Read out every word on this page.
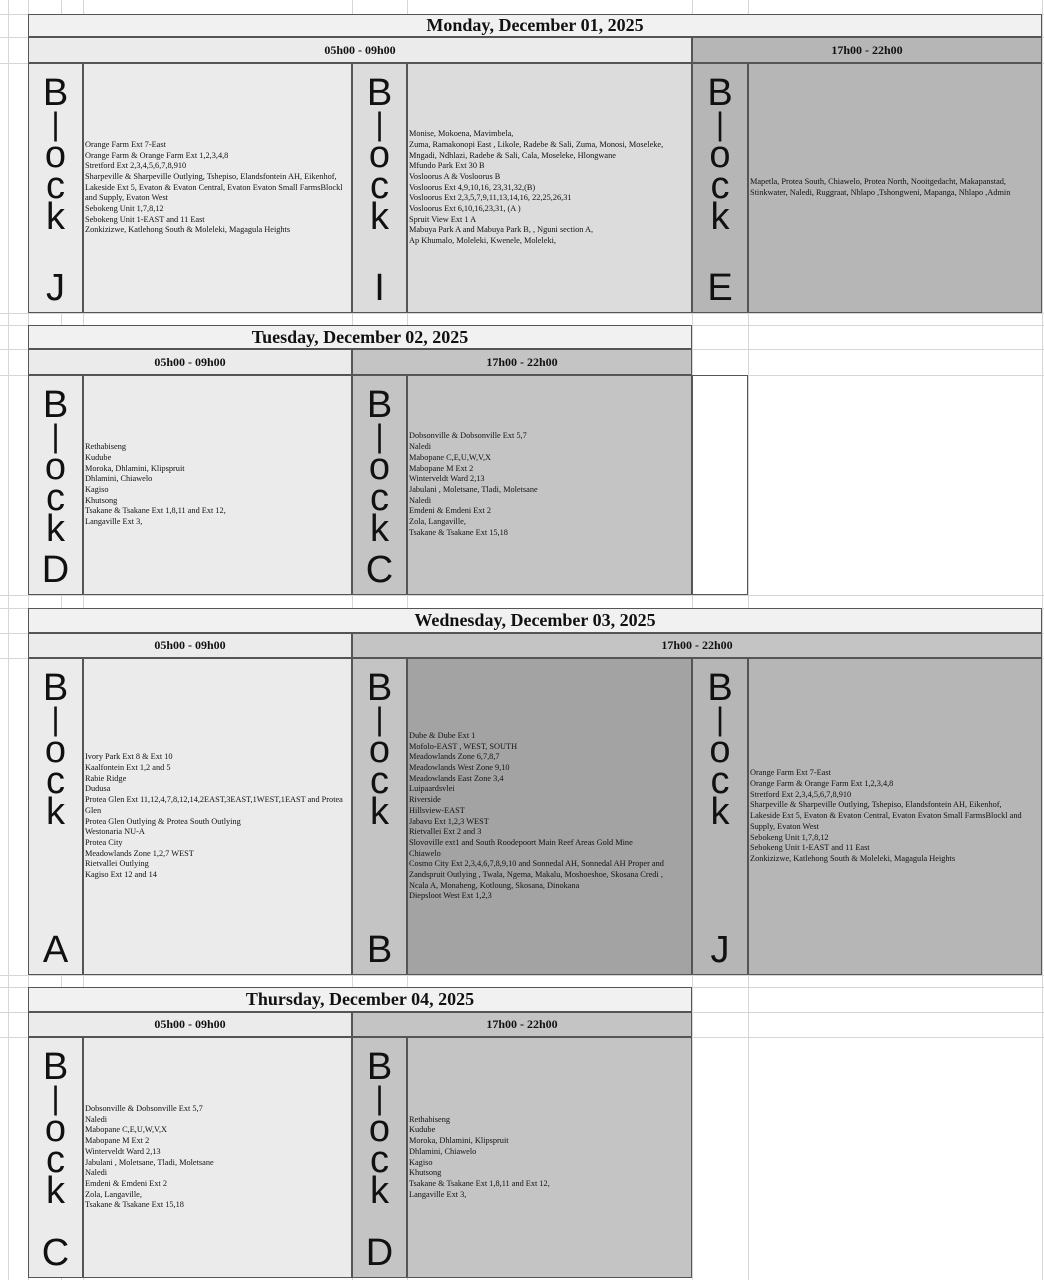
Monday, December 01, 2025
05h00 - 09h00
B
|
o
c
k
J
Orange Farm Ext 7-East
Orange Farm & Orange Farm Ext 1,2,3,4,8
Stretford Ext 2,3,4,5,6,7,8,910
Sharpeville & Sharpeville Outlying, Tshepiso, Elandsfontein AH, Eikenhof,
Lakeside Ext 5, Evaton & Evaton Central, Evaton Evaton Small FarmsBlockl
and Supply, Evaton West
Sebokeng Unit 1,7,8,12
Sebokeng Unit 1-EAST and 11 East
Zonkizizwe, Katlehong South & Moleleki, Magagula Heights
B
|
o
c
k
I
Monise, Mokoena, Mavimbela,
Zuma, Ramakonopi East , Likole, Radebe & Sali, Zuma, Monosi, Moseleke,
Mngadi, Ndhlazi, Radebe & Sali, Cala, Moseleke, Hlongwane
Mfundo Park Ext 30 B
Vosloorus A & Vosloorus B
Vosloorus Ext 4,9,10,16, 23,31,32,(B)
Vosloorus Ext 2,3,5,7,9,11,13,14,16, 22,25,26,31
Vosloorus Ext 6,10,16,23,31, (A )
Spruit View Ext 1 A
Mabuya Park A and Mabuya Park B, , Nguni section A,
Ap Khumalo, Moleleki, Kwenele, Moleleki,
17h00 - 22h00
B
|
o
c
k
E
Mapetla, Protea South, Chiawelo, Protea North, Nooitgedacht, Makapanstad,
Stinkwater, Naledi, Ruggraat, Nhlapo ,Tshongweni, Mapanga, Nhlapo ,Admin
Tuesday, December 02, 2025
05h00 - 09h00
B
|
o
c
k
D
Rethabiseng
Kudube
Moroka, Dhlamini, Klipspruit
Dhlamini, Chiawelo
Kagiso
Khutsong
Tsakane & Tsakane Ext 1,8,11 and Ext 12,
Langaville Ext 3,
17h00 - 22h00
B
|
o
c
k
C
Dobsonville & Dobsonville Ext 5,7
Naledi
Mabopane C,E,U,W,V,X
Mabopane M Ext 2
Winterveldt Ward 2,13
Jabulani , Moletsane, Tladi, Moletsane
Naledi
Emdeni & Emdeni Ext 2
Zola, Langaville,
Tsakane & Tsakane Ext 15,18
Wednesday, December 03, 2025
05h00 - 09h00
B
|
o
c
k
A
Ivory Park Ext 8 & Ext 10
Kaalfontein Ext 1,2 and 5
Rabie Ridge
Dudusa
Protea Glen Ext 11,12,4,7,8,12,14,2EAST,3EAST,1WEST,1EAST and Protea
Glen
Protea Glen Outlying & Protea South Outlying
Westonaria NU-A
Protea City
Meadowlands Zone 1,2,7 WEST
Rietvallei Outlying
Kagiso Ext 12 and 14
17h00 - 22h00
B
|
o
c
k
B
Dube & Dube Ext 1
Mofolo-EAST , WEST, SOUTH
Meadowlands Zone 6,7,8,7
Meadowlands West Zone 9,10
Meadowlands East Zone 3,4
Luipaardsvlei
Riverside
Hillsview-EAST
Jabavu Ext 1,2,3 WEST
Rietvallei Ext 2 and 3
Slovoville ext1 and South Roodepoort Main Reef Areas Gold Mine
Chiawelo
Cosmo City Ext 2,3,4,6,7,8,9,10 and Sonnedal AH, Sonnedal AH Proper and
Zandspruit Outlying , Twala, Ngema, Makalu, Moshoeshoe, Skosana Credi ,
Ncala A, Monaheng, Kotloung, Skosana, Dinokana
Diepsloot West Ext 1,2,3
B
|
o
c
k
J
Orange Farm Ext 7-East
Orange Farm & Orange Farm Ext 1,2,3,4,8
Stretford Ext 2,3,4,5,6,7,8,910
Sharpeville & Sharpeville Outlying, Tshepiso, Elandsfontein AH, Eikenhof,
Lakeside Ext 5, Evaton & Evaton Central, Evaton Evaton Small FarmsBlockl and Supply, Evaton West
Sebokeng Unit 1,7,8,12
Sebokeng Unit 1-EAST and 11 East
Zonkizizwe, Katlehong South & Moleleki, Magagula Heights
Thursday, December 04, 2025
05h00 - 09h00
B
|
o
c
k
C
Dobsonville & Dobsonville Ext 5,7
Naledi
Mabopane C,E,U,W,V,X
Mabopane M Ext 2
Winterveldt Ward 2,13
Jabulani , Moletsane, Tladi, Moletsane
Naledi
Emdeni & Emdeni Ext 2
Zola, Langaville,
Tsakane & Tsakane Ext 15,18
17h00 - 22h00
B
|
o
c
k
D
Rethabiseng
Kudube
Moroka, Dhlamini, Klipspruit
Dhlamini, Chiawelo
Kagiso
Khutsong
Tsakane & Tsakane Ext 1,8,11 and Ext 12,
Langaville Ext 3,
